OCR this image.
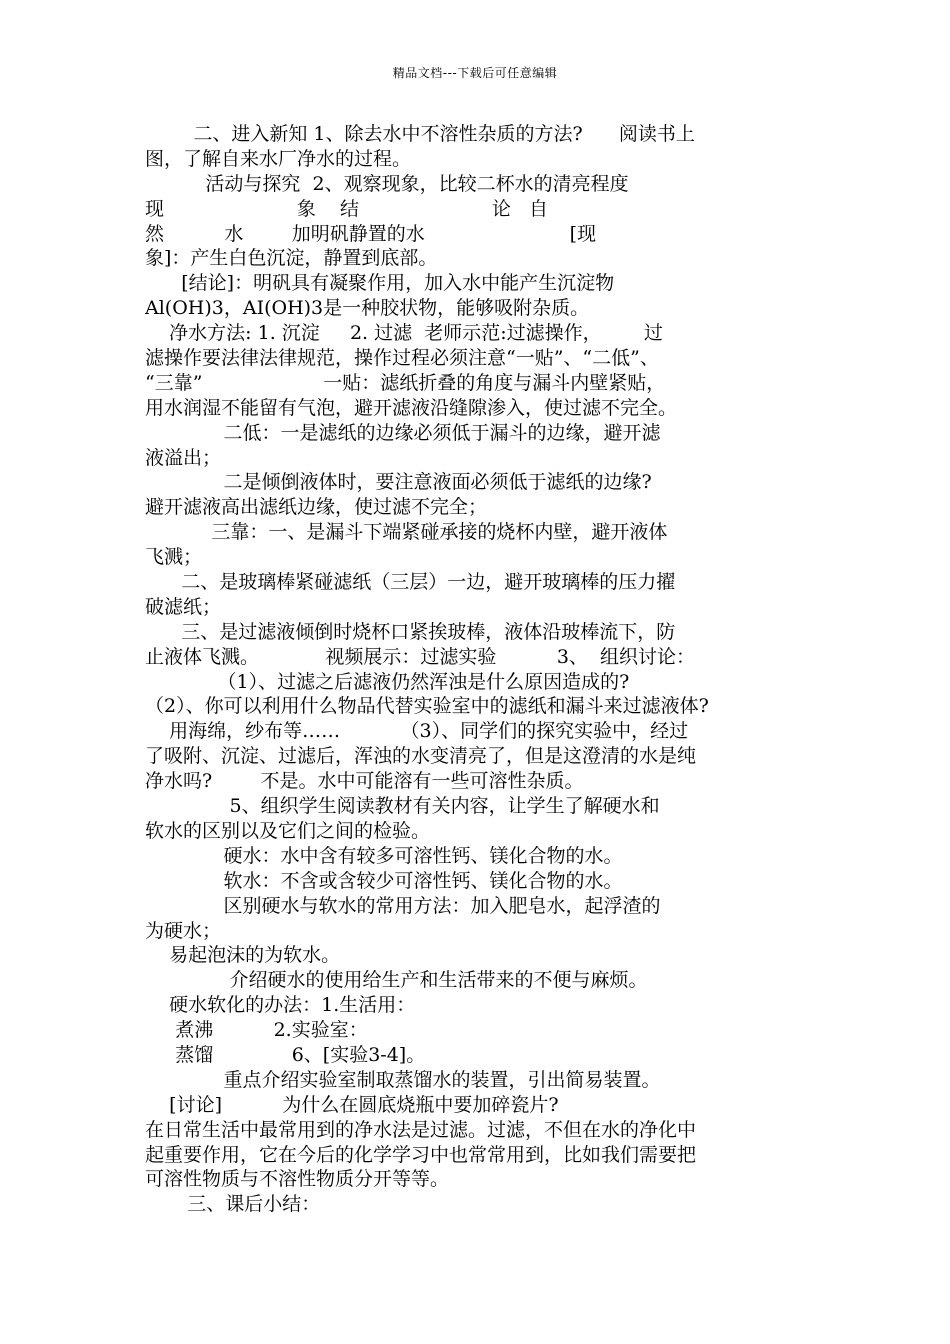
精品文档---下载后可任意编辑
二、进入新知 1、除去水中不溶性杂质的方法?      阅读书上
图，了解自来水厂净水的过程。
活动与探究  2、观察现象，比较二杯水的清亮程度
现                      象    结                      论   自
然          水        加明矾静置的水                        [现
象]：产生白色沉淀，静置到底部。
[结论]：明矾具有凝聚作用，加入水中能产生沉淀物
Al(OH)3，AI(OH)3是一种胶状物，能够吸附杂质。
净水方法: 1. 沉淀     2. 过滤  老师示范:过滤操作，       过
滤操作要法律法律规范，操作过程必须注意“一贴”、“二低”、
“三靠”                    一贴：滤纸折叠的角度与漏斗内壁紧贴，
用水润湿不能留有气泡，避开滤液沿缝隙渗入，使过滤不完全。
二低：一是滤纸的边缘必须低于漏斗的边缘，避开滤
液溢出；
二是倾倒液体时，要注意液面必须低于滤纸的边缘?
避开滤液高出滤纸边缘，使过滤不完全；
三靠：一、是漏斗下端紧碰承接的烧杯内壁，避开液体
飞溅；
二、是玻璃棒紧碰滤纸（三层）一边，避开玻璃棒的压力擢
破滤纸；
三、是过滤液倾倒时烧杯口紧挨玻棒，液体沿玻棒流下，防
止液体飞溅。           视频展示：过滤实验          3、  组织讨论：
（1）、过滤之后滤液仍然浑浊是什么原因造成的?
（2）、你可以利用什么物品代替实验室中的滤纸和漏斗来过滤液体?
用海绵，纱布等……          （3）、同学们的探究实验中，经过
了吸附、沉淀、过滤后，浑浊的水变清亮了，但是这澄清的水是纯
净水吗?        不是。水中可能溶有一些可溶性杂质。
5、组织学生阅读教材有关内容，让学生了解硬水和
软水的区别以及它们之间的检验。
硬水：水中含有较多可溶性钙、镁化合物的水。
软水：不含或含较少可溶性钙、镁化合物的水。
区别硬水与软水的常用方法：加入肥皂水，起浮渣的
为硬水；
易起泡沫的为软水。
介绍硬水的使用给生产和生活带来的不便与麻烦。
硬水软化的办法：1.生活用：
煮沸          2.实验室：
蒸馏             6、[实验3-4]。
重点介绍实验室制取蒸馏水的装置，引出简易装置。
[讨论]          为什么在圆底烧瓶中要加碎瓷片?
在日常生活中最常用到的净水法是过滤。过滤，不但在水的净化中
起重要作用，它在今后的化学学习中也常常用到，比如我们需要把
可溶性物质与不溶性物质分开等等。
三、课后小结：
